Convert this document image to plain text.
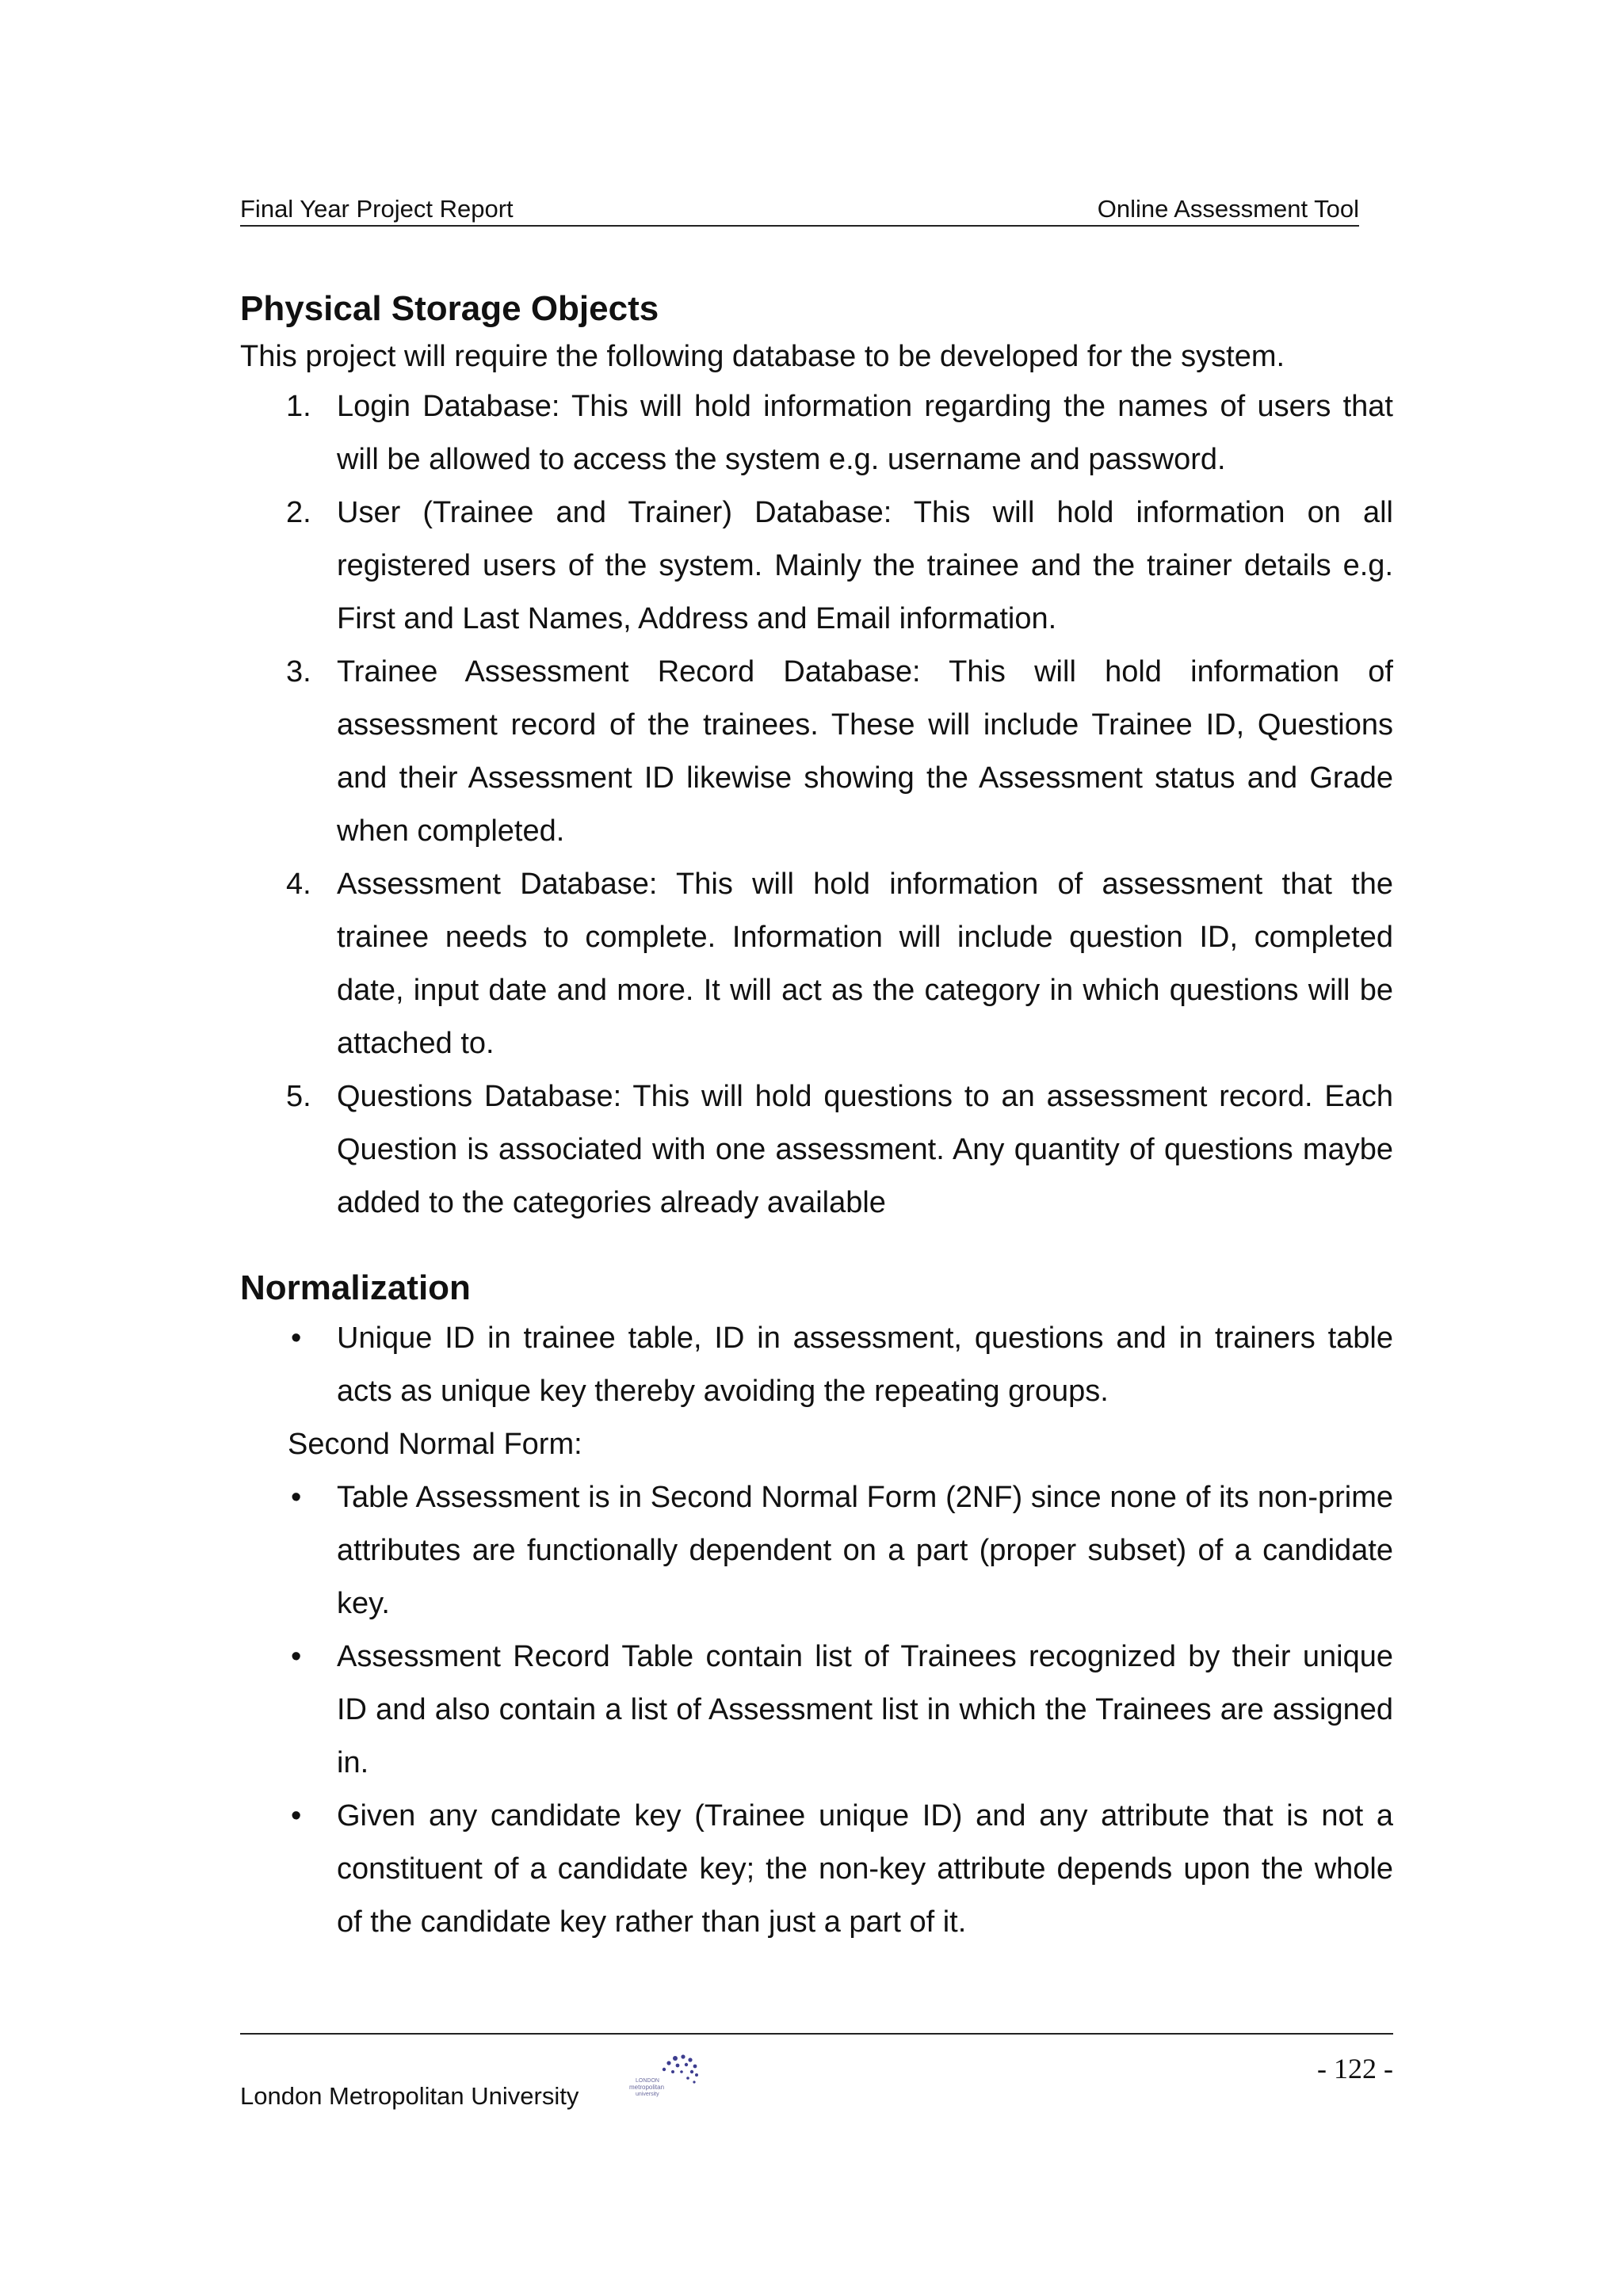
Final Year Project Report	Online Assessment Tool
Physical Storage Objects

This project will require the following database to be developed for the system.

1. Login Database: This will hold information regarding the names of users that will be allowed to access the system e.g. username and password.
2. User (Trainee and Trainer) Database: This will hold information on all registered users of the system. Mainly the trainee and the trainer details e.g. First and Last Names, Address and Email information.
3. Trainee Assessment Record Database: This will hold information of assessment record of the trainees. These will include Trainee ID, Questions and their Assessment ID likewise showing the Assessment status and Grade when completed.
4. Assessment Database: This will hold information of assessment that the trainee needs to complete. Information will include question ID, completed date, input date and more. It will act as the category in which questions will be attached to.
5. Questions Database: This will hold questions to an assessment record. Each Question is associated with one assessment. Any quantity of questions maybe added to the categories already available
Normalization
• Unique ID in trainee table, ID in assessment, questions and in trainers table acts as unique key thereby avoiding the repeating groups.
Second Normal Form:
• Table Assessment is in Second Normal Form (2NF) since none of its non-prime attributes are functionally dependent on a part (proper subset) of a candidate key.
• Assessment Record Table contain list of Trainees recognized by their unique ID and also contain a list of Assessment list in which the Trainees are assigned in.
• Given any candidate key (Trainee unique ID) and any attribute that is not a constituent of a candidate key; the non-key attribute depends upon the whole of the candidate key rather than just a part of it.
London Metropolitan University
LONDON
metropolitan
university
- 122 -
